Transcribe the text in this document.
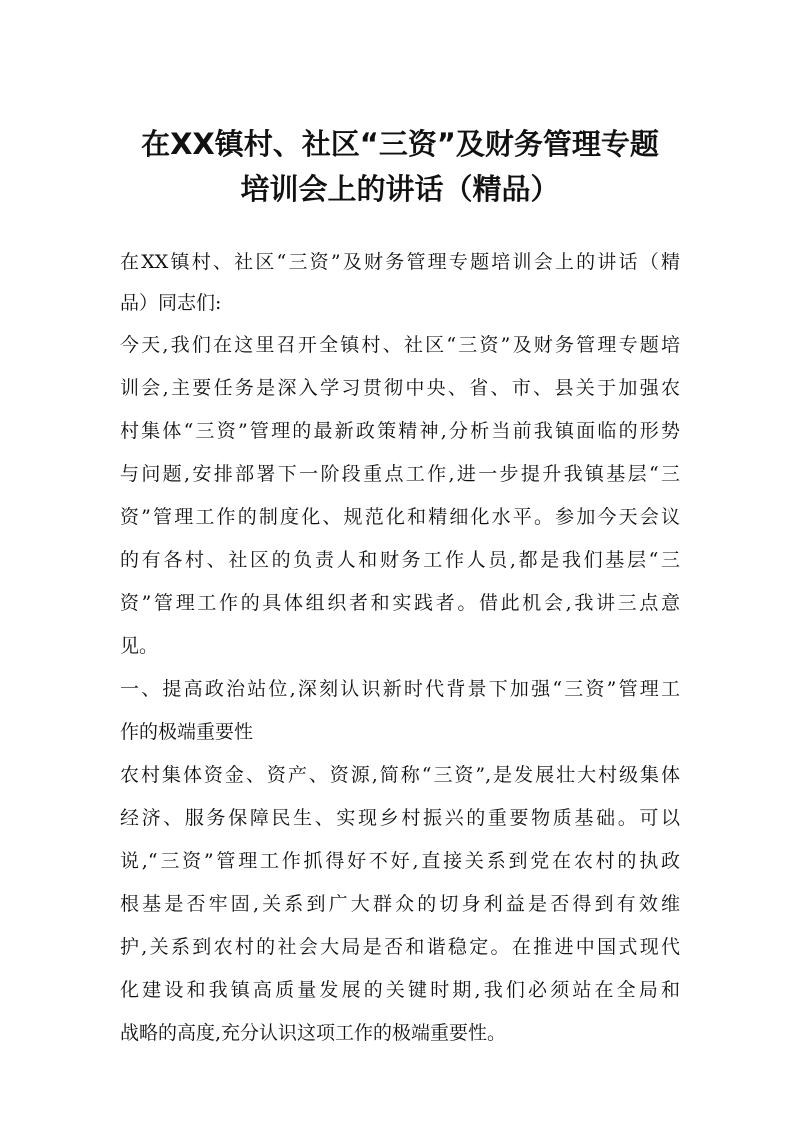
在XX镇村、社区“三资”及财务管理专题
培训会上的讲话（精品）
在XX镇村、社区“三资”及财务管理专题培训会上的讲话（精
品）同志们:
今天,我们在这里召开全镇村、社区“三资”及财务管理专题培
训会,主要任务是深入学习贯彻中央、省、市、县关于加强农
村集体“三资”管理的最新政策精神,分析当前我镇面临的形势
与问题,安排部署下一阶段重点工作,进一步提升我镇基层“三
资”管理工作的制度化、规范化和精细化水平。参加今天会议
的有各村、社区的负责人和财务工作人员,都是我们基层“三
资”管理工作的具体组织者和实践者。借此机会,我讲三点意
见。
一、提高政治站位,深刻认识新时代背景下加强“三资”管理工
作的极端重要性
农村集体资金、资产、资源,简称“三资”,是发展壮大村级集体
经济、服务保障民生、实现乡村振兴的重要物质基础。可以
说,“三资”管理工作抓得好不好,直接关系到党在农村的执政
根基是否牢固,关系到广大群众的切身利益是否得到有效维
护,关系到农村的社会大局是否和谐稳定。在推进中国式现代
化建设和我镇高质量发展的关键时期,我们必须站在全局和
战略的高度,充分认识这项工作的极端重要性。
